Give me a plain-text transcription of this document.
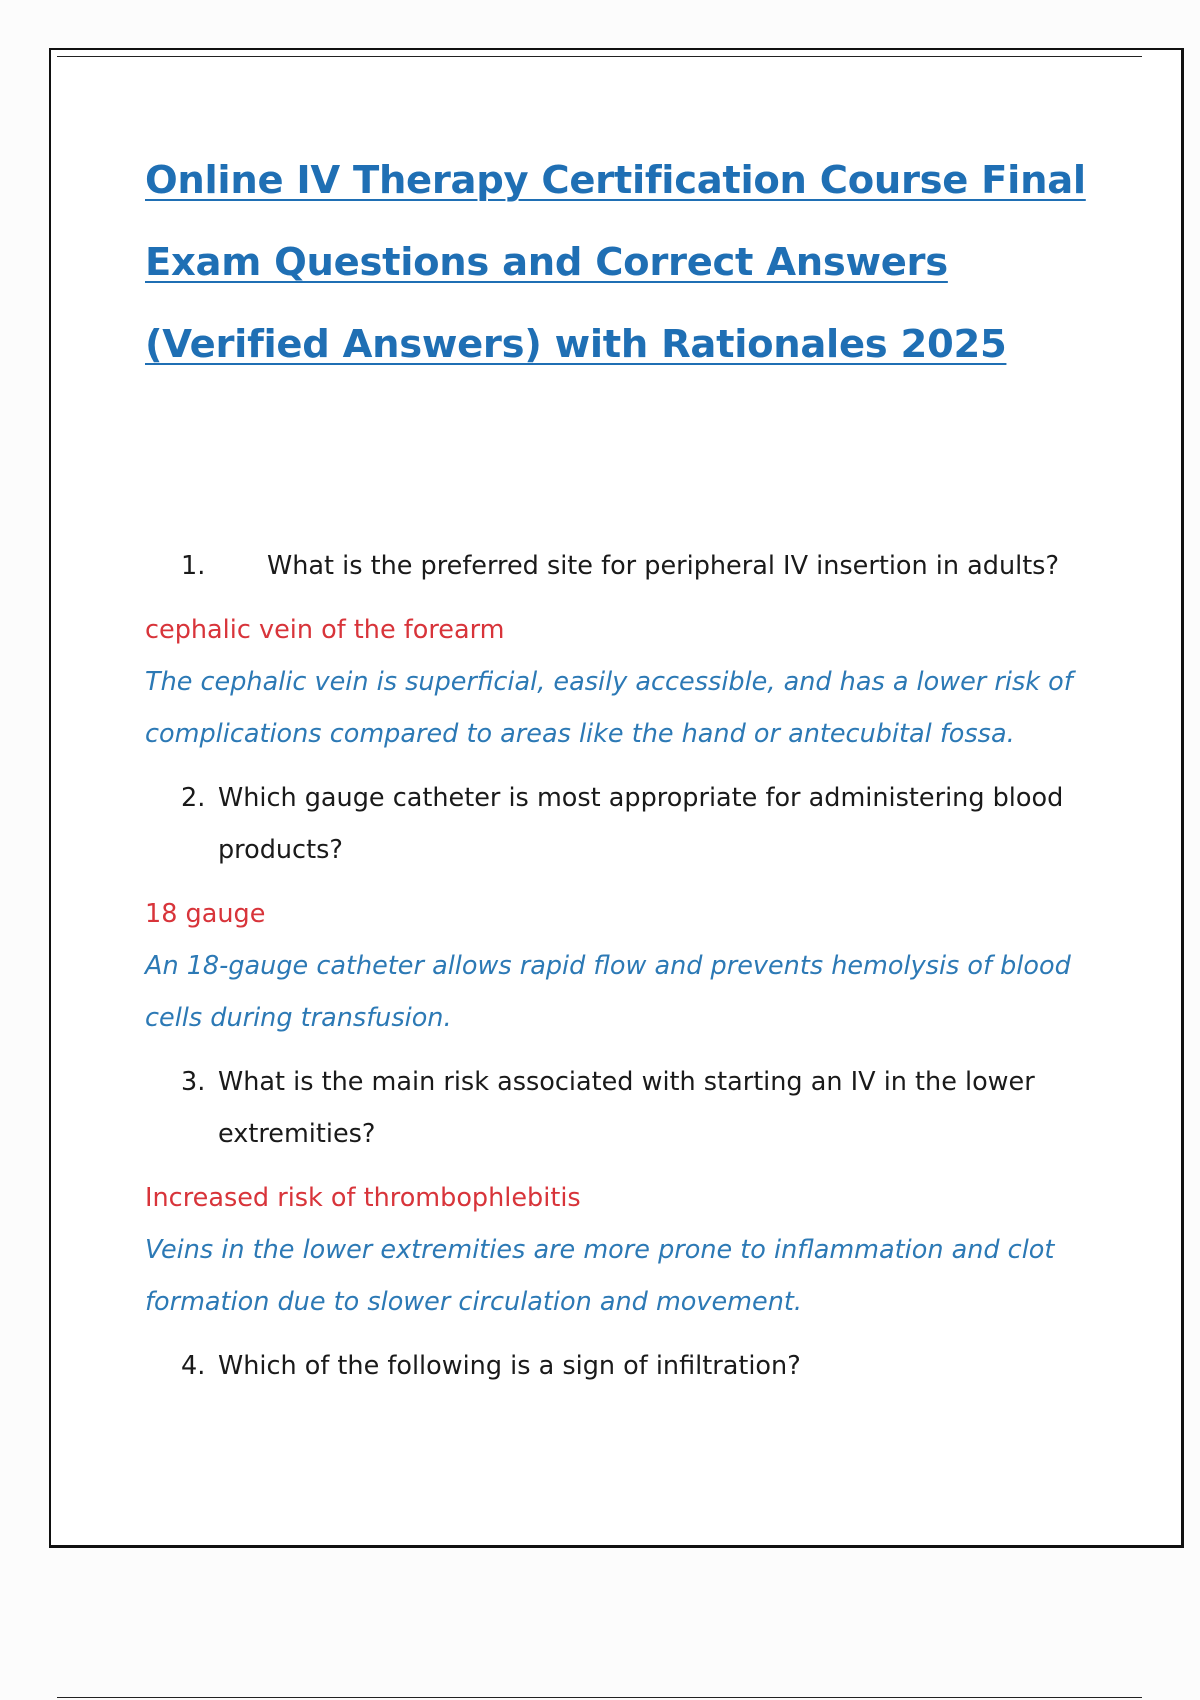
Online IV Therapy Certification Course Final
Exam Questions and Correct Answers
(Verified Answers) with Rationales 2025

1. What is the preferred site for peripheral IV insertion in adults?

cephalic vein of the forearm

The cephalic vein is superficial, easily accessible, and has a lower risk of complications compared to areas like the hand or antecubital fossa.

2. Which gauge catheter is most appropriate for administering blood products?

18 gauge

An 18-gauge catheter allows rapid flow and prevents hemolysis of blood cells during transfusion.

3. What is the main risk associated with starting an IV in the lower extremities?

Increased risk of thrombophlebitis

Veins in the lower extremities are more prone to inflammation and clot formation due to slower circulation and movement.

4. Which of the following is a sign of infiltration?
